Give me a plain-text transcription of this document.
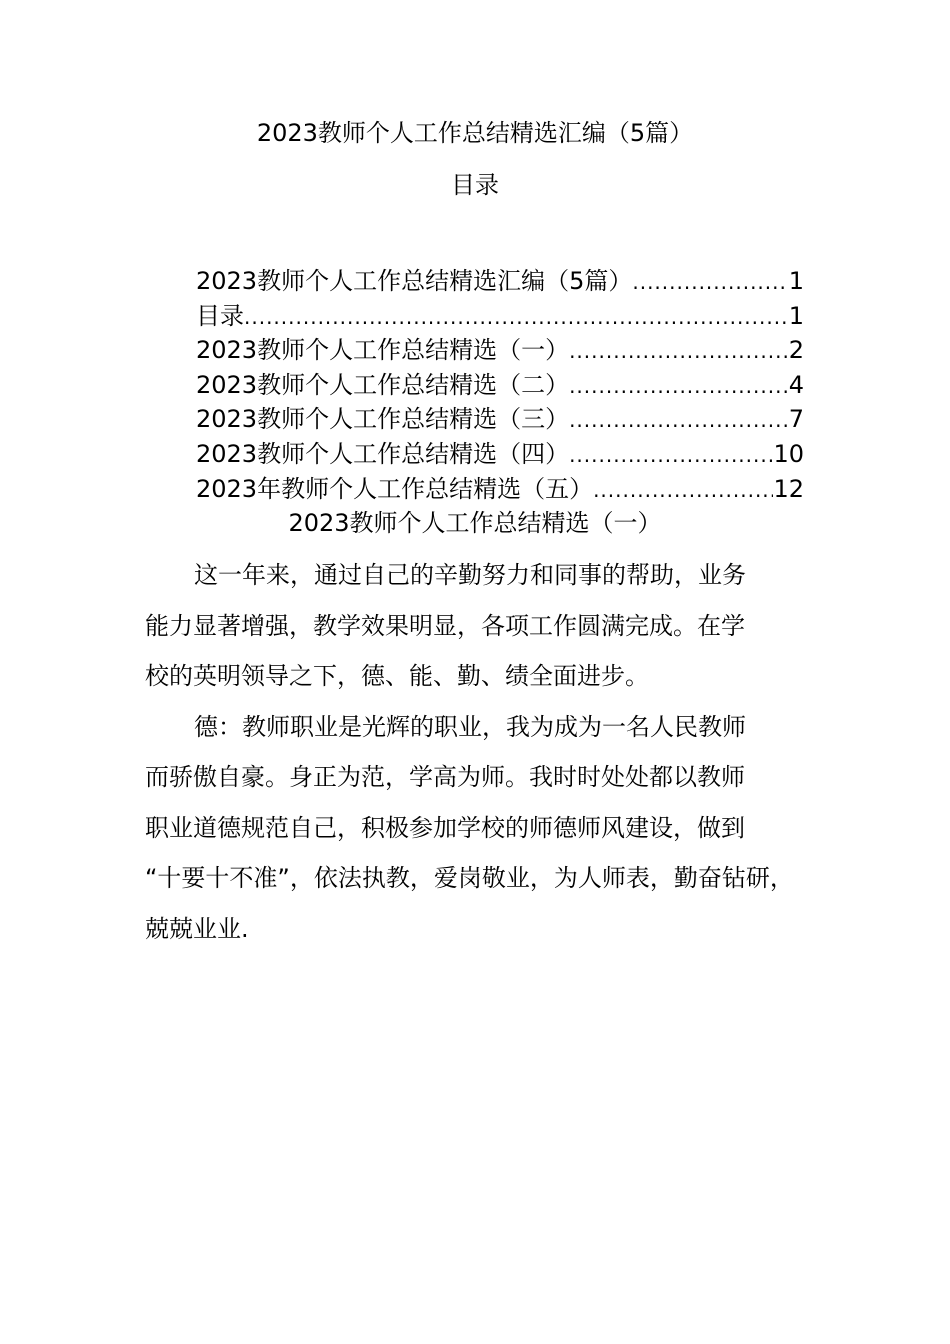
2023教师个人工作总结精选汇编（5篇）
目录
2023教师个人工作总结精选汇编（5篇） .....	1
目录 .....	1
2023教师个人工作总结精选（一） .....	2
2023教师个人工作总结精选（二） .....	4
2023教师个人工作总结精选（三） .....	7
2023教师个人工作总结精选（四） .....	10
2023年教师个人工作总结精选（五） .....	12
2023教师个人工作总结精选（一）

这一年来，通过自己的辛勤努力和同事的帮助，业务
能力显著增强，教学效果明显，各项工作圆满完成。在学
校的英明领导之下，德、能、勤、绩全面进步。

德：教师职业是光辉的职业，我为成为一名人民教师
而骄傲自豪。身正为范，学高为师。我时时处处都以教师
职业道德规范自己，积极参加学校的师德师风建设，做到
“十要十不准”，依法执教，爱岗敬业，为人师表，勤奋钻研，
兢兢业业.
